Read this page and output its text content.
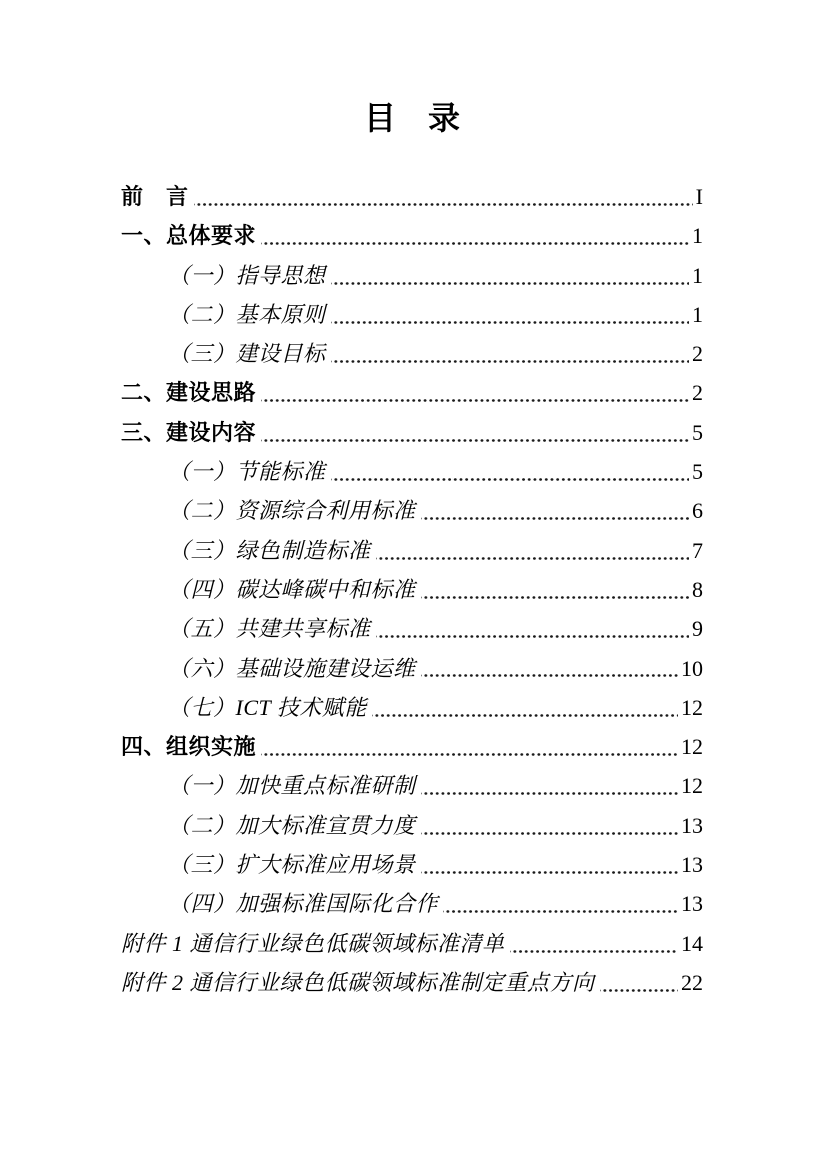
目　录
前　言	I
一、总体要求	1
（一）指导思想	1
（二）基本原则	1
（三）建设目标	2
二、建设思路	2
三、建设内容	5
（一）节能标准	5
（二）资源综合利用标准	6
（三）绿色制造标准	7
（四）碳达峰碳中和标准	8
（五）共建共享标准	9
（六）基础设施建设运维	10
（七）ICT 技术赋能	12
四、组织实施	12
（一）加快重点标准研制	12
（二）加大标准宣贯力度	13
（三）扩大标准应用场景	13
（四）加强标准国际化合作	13
附件 1 通信行业绿色低碳领域标准清单	14
附件 2 通信行业绿色低碳领域标准制定重点方向	22
